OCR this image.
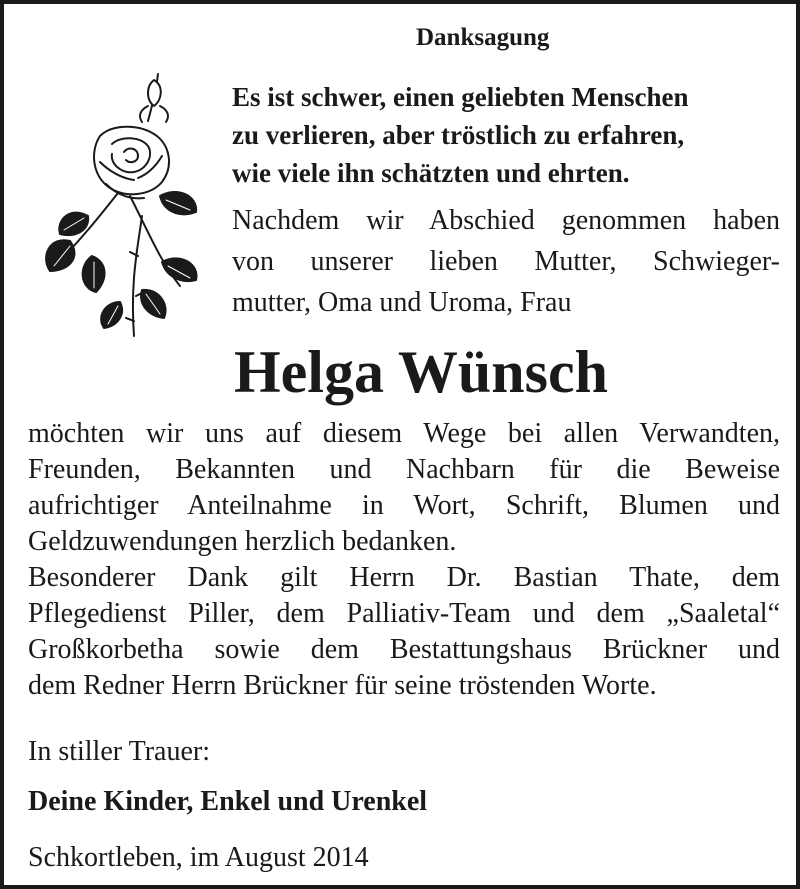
Danksagung
Es ist schwer, einen geliebten Menschen
zu verlieren, aber tröstlich zu erfahren,
wie viele ihn schätzten und ehrten.
Nachdem wir Abschied genommen haben
von unserer lieben Mutter, Schwieger-
mutter, Oma und Uroma, Frau
Helga Wünsch
möchten wir uns auf diesem Wege bei allen Verwandten,
Freunden, Bekannten und Nachbarn für die Beweise
aufrichtiger Anteilnahme in Wort, Schrift, Blumen und
Geldzuwendungen herzlich bedanken.
Besonderer Dank gilt Herrn Dr. Bastian Thate, dem
Pflegedienst Piller, dem Palliativ-Team und dem „Saaletal“
Großkorbetha sowie dem Bestattungshaus Brückner und
dem Redner Herrn Brückner für seine tröstenden Worte.
In stiller Trauer:
Deine Kinder, Enkel und Urenkel
Schkortleben, im August 2014
